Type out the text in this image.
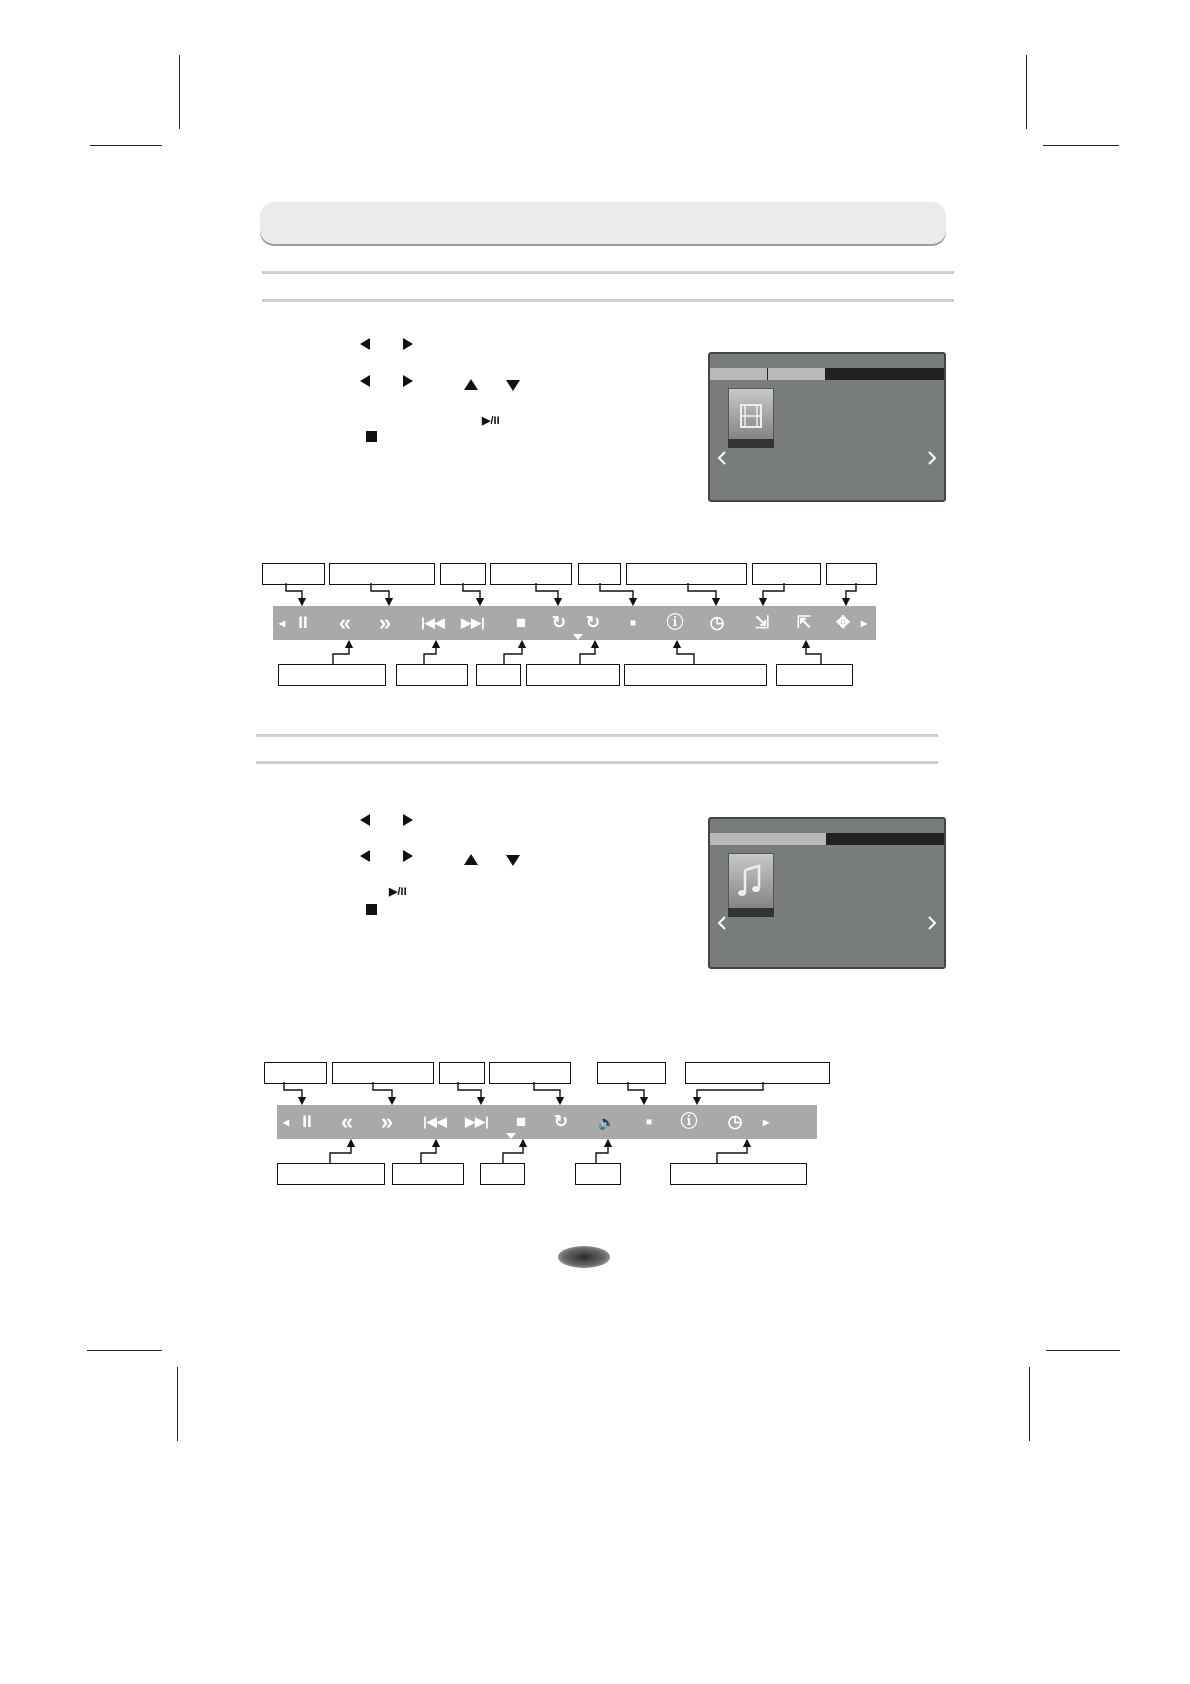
▶/II
◂ II	«	»	|◀◀	▶▶|	■	↻	↻	▪	ⓘ	◷	⇲	⇱	✥ ▸
▶/II
◂ II	«	»	|◀◀	▶▶|	■	↻	🔈	▪	ⓘ	◷	▸
